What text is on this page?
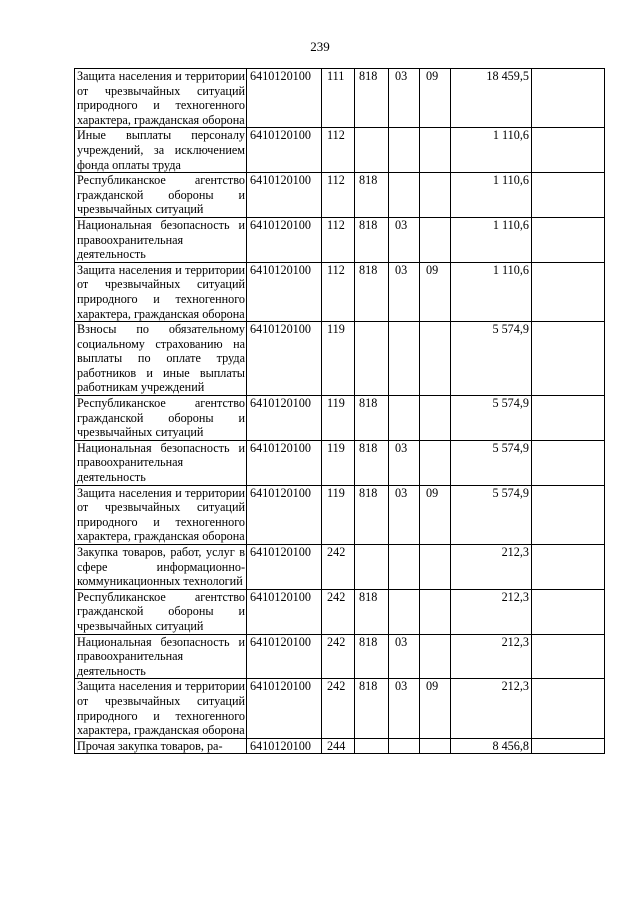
239
Защита населения и территории от чрезвычайных ситуаций природного и техногенного характера, гражданская оборона	6410120100	111	818	03	09	18 459,5	
Иные выплаты персоналу учреждений, за исключением фонда оплаты труда	6410120100	112				1 110,6	
Республиканское агентство гражданской обороны и чрезвычайных ситуаций	6410120100	112	818			1 110,6	
Национальная безопасность и правоохранительная деятельность	6410120100	112	818	03		1 110,6	
Защита населения и территории от чрезвычайных ситуаций природного и техногенного характера, гражданская оборона	6410120100	112	818	03	09	1 110,6	
Взносы по обязательному социальному страхованию на выплаты по оплате труда работников и иные выплаты работникам учреждений	6410120100	119				5 574,9	
Республиканское агентство гражданской обороны и чрезвычайных ситуаций	6410120100	119	818			5 574,9	
Национальная безопасность и правоохранительная деятельность	6410120100	119	818	03		5 574,9	
Защита населения и территории от чрезвычайных ситуаций природного и техногенного характера, гражданская оборона	6410120100	119	818	03	09	5 574,9	
Закупка товаров, работ, услуг в сфере информационно-коммуникационных технологий	6410120100	242				212,3	
Республиканское агентство гражданской обороны и чрезвычайных ситуаций	6410120100	242	818			212,3	
Национальная безопасность и правоохранительная деятельность	6410120100	242	818	03		212,3	
Защита населения и территории от чрезвычайных ситуаций природного и техногенного характера, гражданская оборона	6410120100	242	818	03	09	212,3	
Прочая закупка товаров, ра-	6410120100	244				8 456,8	
